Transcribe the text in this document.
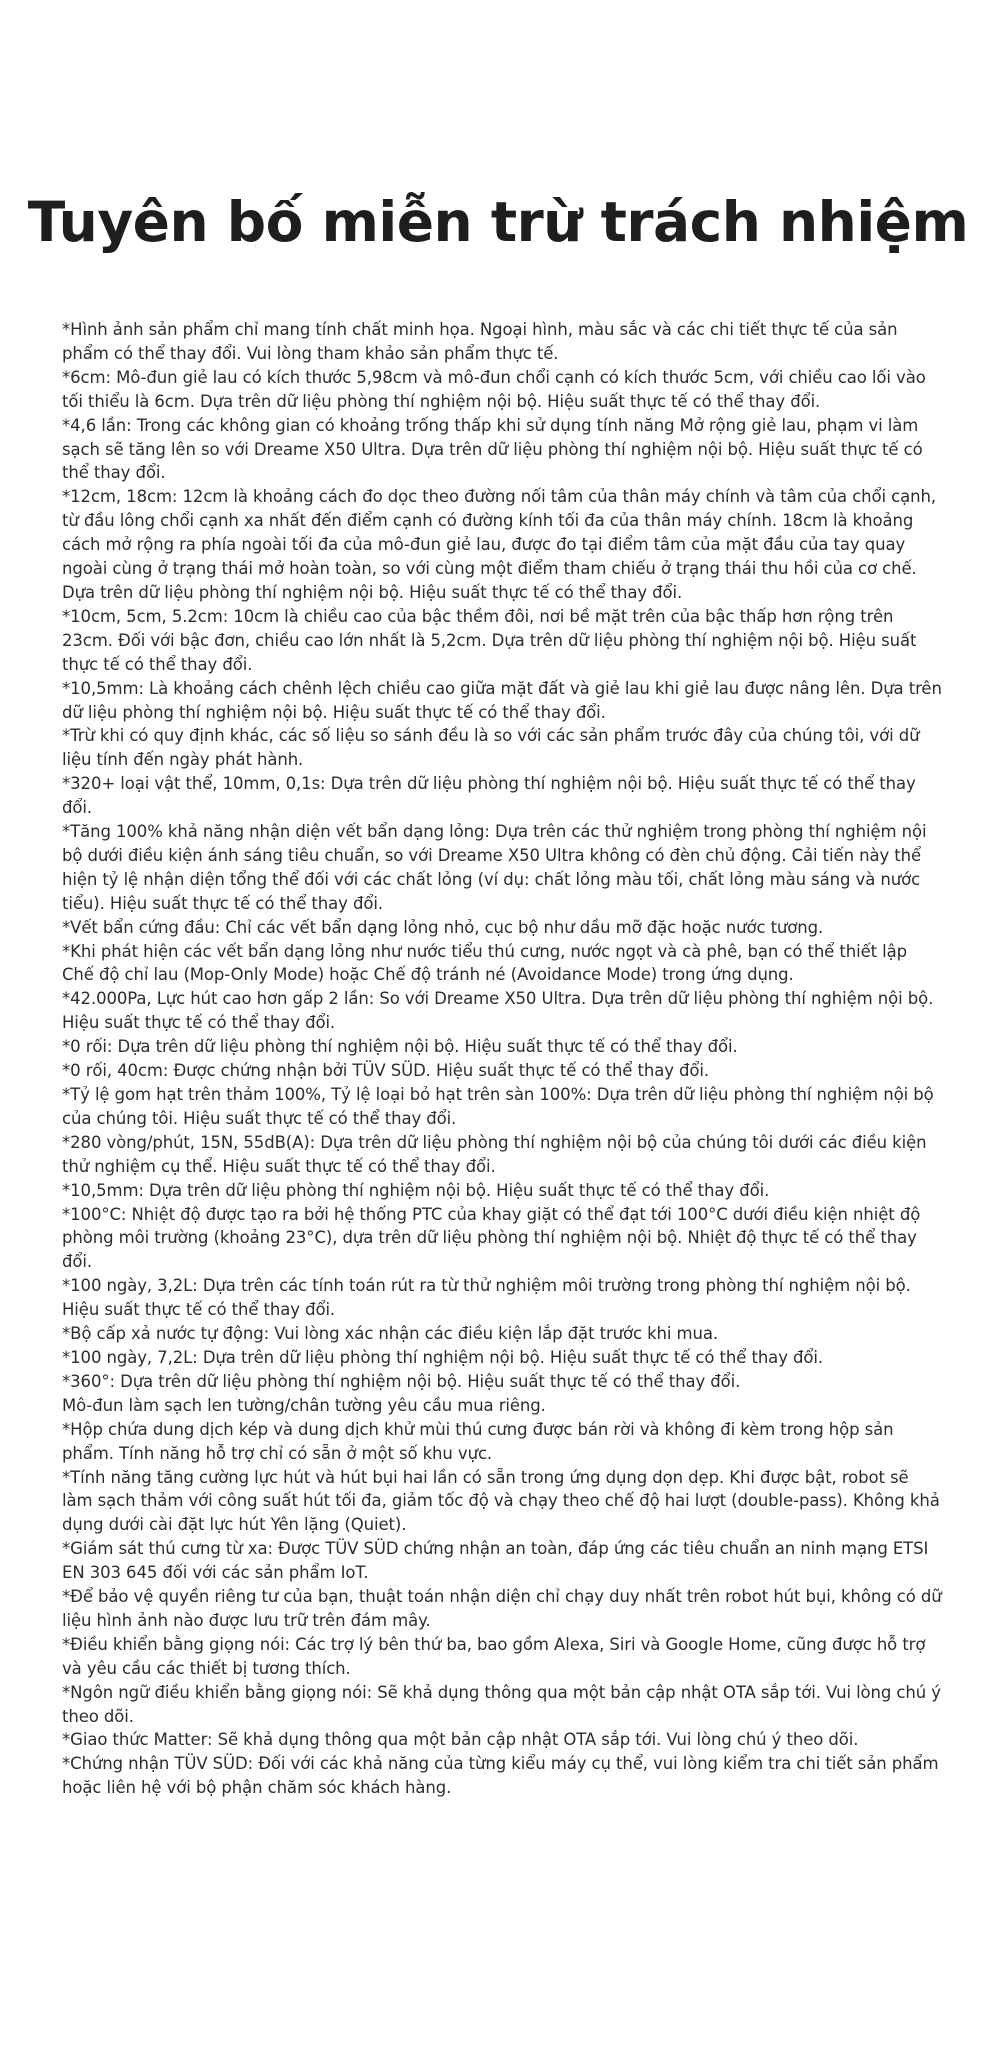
Tuyên bố miễn trừ trách nhiệm

*Hình ảnh sản phẩm chỉ mang tính chất minh họa. Ngoại hình, màu sắc và các chi tiết thực tế của sản phẩm có thể thay đổi. Vui lòng tham khảo sản phẩm thực tế.

*6cm: Mô-đun giẻ lau có kích thước 5,98cm và mô-đun chổi cạnh có kích thước 5cm, với chiều cao lối vào tối thiểu là 6cm. Dựa trên dữ liệu phòng thí nghiệm nội bộ. Hiệu suất thực tế có thể thay đổi.

*4,6 lần: Trong các không gian có khoảng trống thấp khi sử dụng tính năng Mở rộng giẻ lau, phạm vi làm sạch sẽ tăng lên so với Dreame X50 Ultra. Dựa trên dữ liệu phòng thí nghiệm nội bộ. Hiệu suất thực tế có thể thay đổi.

*12cm, 18cm: 12cm là khoảng cách đo dọc theo đường nối tâm của thân máy chính và tâm của chổi cạnh, từ đầu lông chổi cạnh xa nhất đến điểm cạnh có đường kính tối đa của thân máy chính. 18cm là khoảng cách mở rộng ra phía ngoài tối đa của mô-đun giẻ lau, được đo tại điểm tâm của mặt đầu của tay quay ngoài cùng ở trạng thái mở hoàn toàn, so với cùng một điểm tham chiếu ở trạng thái thu hồi của cơ chế. Dựa trên dữ liệu phòng thí nghiệm nội bộ. Hiệu suất thực tế có thể thay đổi.

*10cm, 5cm, 5.2cm: 10cm là chiều cao của bậc thềm đôi, nơi bề mặt trên của bậc thấp hơn rộng trên 23cm. Đối với bậc đơn, chiều cao lớn nhất là 5,2cm. Dựa trên dữ liệu phòng thí nghiệm nội bộ. Hiệu suất thực tế có thể thay đổi.

*10,5mm: Là khoảng cách chênh lệch chiều cao giữa mặt đất và giẻ lau khi giẻ lau được nâng lên. Dựa trên dữ liệu phòng thí nghiệm nội bộ. Hiệu suất thực tế có thể thay đổi.

*Trừ khi có quy định khác, các số liệu so sánh đều là so với các sản phẩm trước đây của chúng tôi, với dữ liệu tính đến ngày phát hành.

*320+ loại vật thể, 10mm, 0,1s: Dựa trên dữ liệu phòng thí nghiệm nội bộ. Hiệu suất thực tế có thể thay đổi.

*Tăng 100% khả năng nhận diện vết bẩn dạng lỏng: Dựa trên các thử nghiệm trong phòng thí nghiệm nội bộ dưới điều kiện ánh sáng tiêu chuẩn, so với Dreame X50 Ultra không có đèn chủ động. Cải tiến này thể hiện tỷ lệ nhận diện tổng thể đối với các chất lỏng (ví dụ: chất lỏng màu tối, chất lỏng màu sáng và nước tiểu). Hiệu suất thực tế có thể thay đổi.

*Vết bẩn cứng đầu: Chỉ các vết bẩn dạng lỏng nhỏ, cục bộ như dầu mỡ đặc hoặc nước tương.

*Khi phát hiện các vết bẩn dạng lỏng như nước tiểu thú cưng, nước ngọt và cà phê, bạn có thể thiết lập Chế độ chỉ lau (Mop-Only Mode) hoặc Chế độ tránh né (Avoidance Mode) trong ứng dụng.

*42.000Pa, Lực hút cao hơn gấp 2 lần: So với Dreame X50 Ultra. Dựa trên dữ liệu phòng thí nghiệm nội bộ. Hiệu suất thực tế có thể thay đổi.

*0 rối: Dựa trên dữ liệu phòng thí nghiệm nội bộ. Hiệu suất thực tế có thể thay đổi.

*0 rối, 40cm: Được chứng nhận bởi TÜV SÜD. Hiệu suất thực tế có thể thay đổi.

*Tỷ lệ gom hạt trên thảm 100%, Tỷ lệ loại bỏ hạt trên sàn 100%: Dựa trên dữ liệu phòng thí nghiệm nội bộ của chúng tôi. Hiệu suất thực tế có thể thay đổi.

*280 vòng/phút, 15N, 55dB(A): Dựa trên dữ liệu phòng thí nghiệm nội bộ của chúng tôi dưới các điều kiện thử nghiệm cụ thể. Hiệu suất thực tế có thể thay đổi.

*10,5mm: Dựa trên dữ liệu phòng thí nghiệm nội bộ. Hiệu suất thực tế có thể thay đổi.

*100°C: Nhiệt độ được tạo ra bởi hệ thống PTC của khay giặt có thể đạt tới 100°C dưới điều kiện nhiệt độ phòng môi trường (khoảng 23°C), dựa trên dữ liệu phòng thí nghiệm nội bộ. Nhiệt độ thực tế có thể thay đổi.

*100 ngày, 3,2L: Dựa trên các tính toán rút ra từ thử nghiệm môi trường trong phòng thí nghiệm nội bộ. Hiệu suất thực tế có thể thay đổi.

*Bộ cấp xả nước tự động: Vui lòng xác nhận các điều kiện lắp đặt trước khi mua.

*100 ngày, 7,2L: Dựa trên dữ liệu phòng thí nghiệm nội bộ. Hiệu suất thực tế có thể thay đổi.

*360°: Dựa trên dữ liệu phòng thí nghiệm nội bộ. Hiệu suất thực tế có thể thay đổi.

Mô-đun làm sạch len tường/chân tường yêu cầu mua riêng.

*Hộp chứa dung dịch kép và dung dịch khử mùi thú cưng được bán rời và không đi kèm trong hộp sản phẩm. Tính năng hỗ trợ chỉ có sẵn ở một số khu vực.

*Tính năng tăng cường lực hút và hút bụi hai lần có sẵn trong ứng dụng dọn dẹp. Khi được bật, robot sẽ làm sạch thảm với công suất hút tối đa, giảm tốc độ và chạy theo chế độ hai lượt (double-pass). Không khả dụng dưới cài đặt lực hút Yên lặng (Quiet).

*Giám sát thú cưng từ xa: Được TÜV SÜD chứng nhận an toàn, đáp ứng các tiêu chuẩn an ninh mạng ETSI EN 303 645 đối với các sản phẩm IoT.

*Để bảo vệ quyền riêng tư của bạn, thuật toán nhận diện chỉ chạy duy nhất trên robot hút bụi, không có dữ liệu hình ảnh nào được lưu trữ trên đám mây.

*Điều khiển bằng giọng nói: Các trợ lý bên thứ ba, bao gồm Alexa, Siri và Google Home, cũng được hỗ trợ và yêu cầu các thiết bị tương thích.

*Ngôn ngữ điều khiển bằng giọng nói: Sẽ khả dụng thông qua một bản cập nhật OTA sắp tới. Vui lòng chú ý theo dõi.

*Giao thức Matter: Sẽ khả dụng thông qua một bản cập nhật OTA sắp tới. Vui lòng chú ý theo dõi.

*Chứng nhận TÜV SÜD: Đối với các khả năng của từng kiểu máy cụ thể, vui lòng kiểm tra chi tiết sản phẩm hoặc liên hệ với bộ phận chăm sóc khách hàng.
